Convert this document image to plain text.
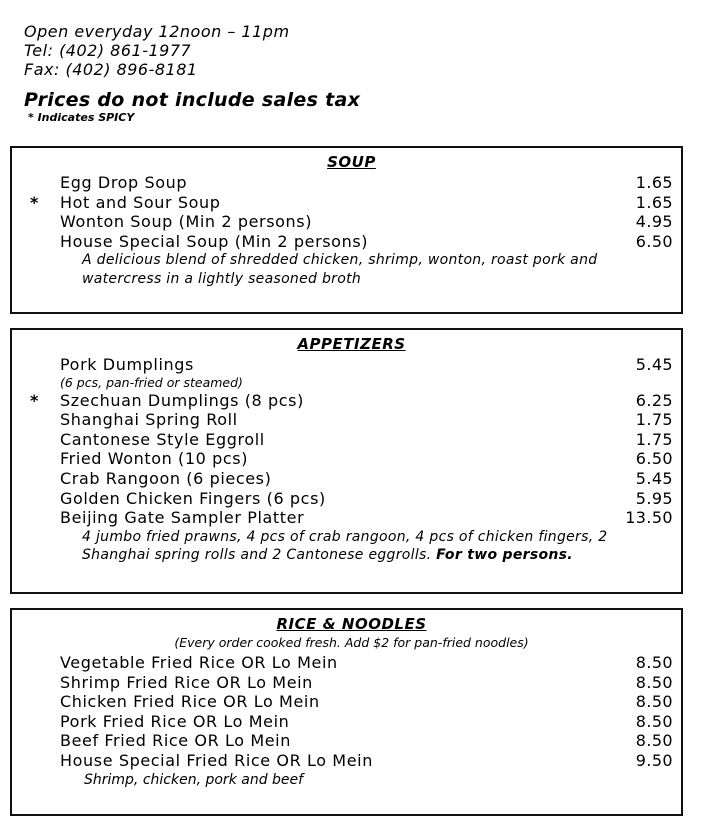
Open everyday 12noon – 11pm

Tel: (402) 861-1977

Fax: (402) 896-8181

Prices do not include sales tax
* Indicates SPICY
SOUP
Egg Drop Soup	1.65
* Hot and Sour Soup	1.65
Wonton Soup (Min 2 persons)	4.95
House Special Soup (Min 2 persons)	6.50
A delicious blend of shredded chicken, shrimp, wonton, roast pork and watercress in a lightly seasoned broth
APPETIZERS
Pork Dumplings	5.45
(6 pcs, pan-fried or steamed)
* Szechuan Dumplings (8 pcs)	6.25
Shanghai Spring Roll	1.75
Cantonese Style Eggroll	1.75
Fried Wonton (10 pcs)	6.50
Crab Rangoon (6 pieces)	5.45
Golden Chicken Fingers (6 pcs)	5.95
Beijing Gate Sampler Platter	13.50
4 jumbo fried prawns, 4 pcs of crab rangoon, 4 pcs of chicken fingers, 2 Shanghai spring rolls and 2 Cantonese eggrolls. For two persons.
RICE & NOODLES
(Every order cooked fresh. Add $2 for pan-fried noodles)
Vegetable Fried Rice OR Lo Mein	8.50
Shrimp Fried Rice OR Lo Mein	8.50
Chicken Fried Rice OR Lo Mein	8.50
Pork Fried Rice OR Lo Mein	8.50
Beef Fried Rice OR Lo Mein	8.50
House Special Fried Rice OR Lo Mein	9.50
Shrimp, chicken, pork and beef
